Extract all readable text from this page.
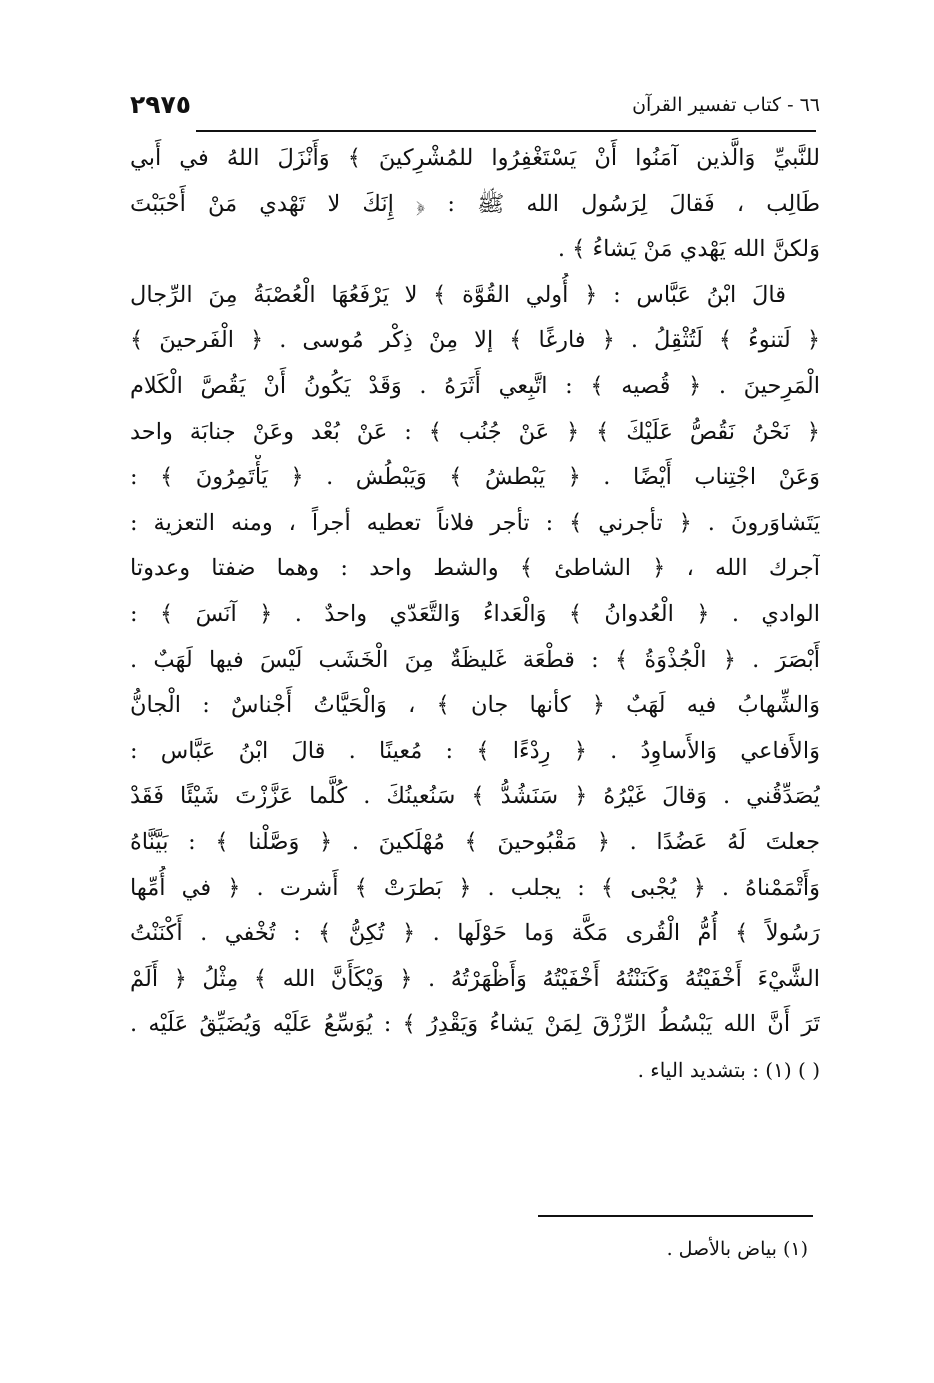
٢٩٧٥	٦٦ - كتاب تفسير القرآن
للنَّبيِّ وَالَّذين آمَنُوا أَنْ يَسْتَغْفِرُوا للمُشْرِكينَ ﴾ وَأَنْزَلَ اللهُ في أَبي
طَالِب ، فَقالَ لِرَسُول الله ﷺ : ﴿ إِنَكَ لا تَهْدي مَنْ أَحْبَبْتَ
وَلكنَّ الله يَهْدي مَنْ يَشاءُ ﴾ .
قالَ ابْنُ عَبَّاس : ﴿ أُولي القُوَّة ﴾ لا يَرْفَعُهَا الْعُصْبَةُ مِنَ الرِّجال
﴿ لَتنوءُ ﴾ لَتُثْقِلُ . ﴿ فارغًا ﴾ إلا مِنْ ذِكْر مُوسى . ﴿ الْفَرحينَ ﴾
الْمَرِحينَ . ﴿ قُصيه ﴾ : اتَّبِعي أَثَرَهُ . وَقَدْ يَكُونُ أَنْ يَقُصَّ الْكَلام
﴿ نَحْنُ نَقُصُّ عَلَيْكَ ﴾ ﴿ عَنْ جُنُب ﴾ : عَنْ بُعْد وعَنْ جنابَة واحد
وَعَنْ اجْتِناب أَيْضًا . ﴿ يَبْطشُ ﴾ وَيَبْطُش . ﴿ يَأْتَمِرُونَ ﴾ :
يَتَشاوَرونَ . ﴿ تأجرني ﴾ : تأجر فلاناً تعطيه أجراً ، ومنه التعزية :
آجرك الله ، ﴿ الشاطئ ﴾ والشط واحد : وهما ضفتا وعدوتا
الوادي . ﴿ الْعُدوانُ ﴾ وَالْعَداءُ وَالتَّعَدّي واحدٌ . ﴿ آنَسَ ﴾ :
أَبْصَرَ . ﴿ الْجُذْوَةُ ﴾ : قطْعَة غَليظَةٌ مِنَ الْخَشَب لَيْسَ فيها لَهَبٌ .
وَالشِّهابُ فيه لَهَبٌ ﴿ كأنها جان ﴾ ، وَالْحَيَّاتُ أَجْناسٌ : الْجانُّ
وَالأَفاعي وَالأَساوِدُ . ﴿ رِدْءًا ﴾ : مُعينًا . قالَ ابْنُ عَبَّاس :
يُصَدِّقُني . وَقالَ غَيْرُهُ ﴿ سَنَشُدُّ ﴾ سَنُعينُكَ . كُلَّما عَزَّزْتَ شَيْئًا فَقَدْ
جعلتَ لَهُ عَضُدًا . ﴿ مَقْبُوحينَ ﴾ مُهْلَكينَ . ﴿ وَصَّلْنا ﴾ : بَيَّنَّاهُ
وَأَتْمَمْناهُ . ﴿ يُجْبى ﴾ : يجلب . ﴿ بَطرَتْ ﴾ أَشرت . ﴿ في أُمِّها
رَسُولاً ﴾ أُمُّ الْقُرى مَكَّة وَما حَوْلَها . ﴿ تُكِنُّ ﴾ : تُخْفي . أَكْنَنْتُ
الشَّيْءَ أَخْفَيْتُهُ وَكَنَنْتُهُ أَخْفَيْتُهُ وَأَظْهَرْتُهُ . ﴿ وَيْكَأَنَّ الله ﴾ مِثْلُ ﴿ أَلَمْ
تَرَ أَنَّ الله يَبْسُطُ الرِّزْقَ لِمَنْ يَشاءُ وَيَقْدِرُ ﴾ : يُوَسِّعُ عَلَيْه وَيُضَيِّقُ عَلَيْه .
( ) (١) : بتشديد الياء .
(١) بياض بالأصل .
